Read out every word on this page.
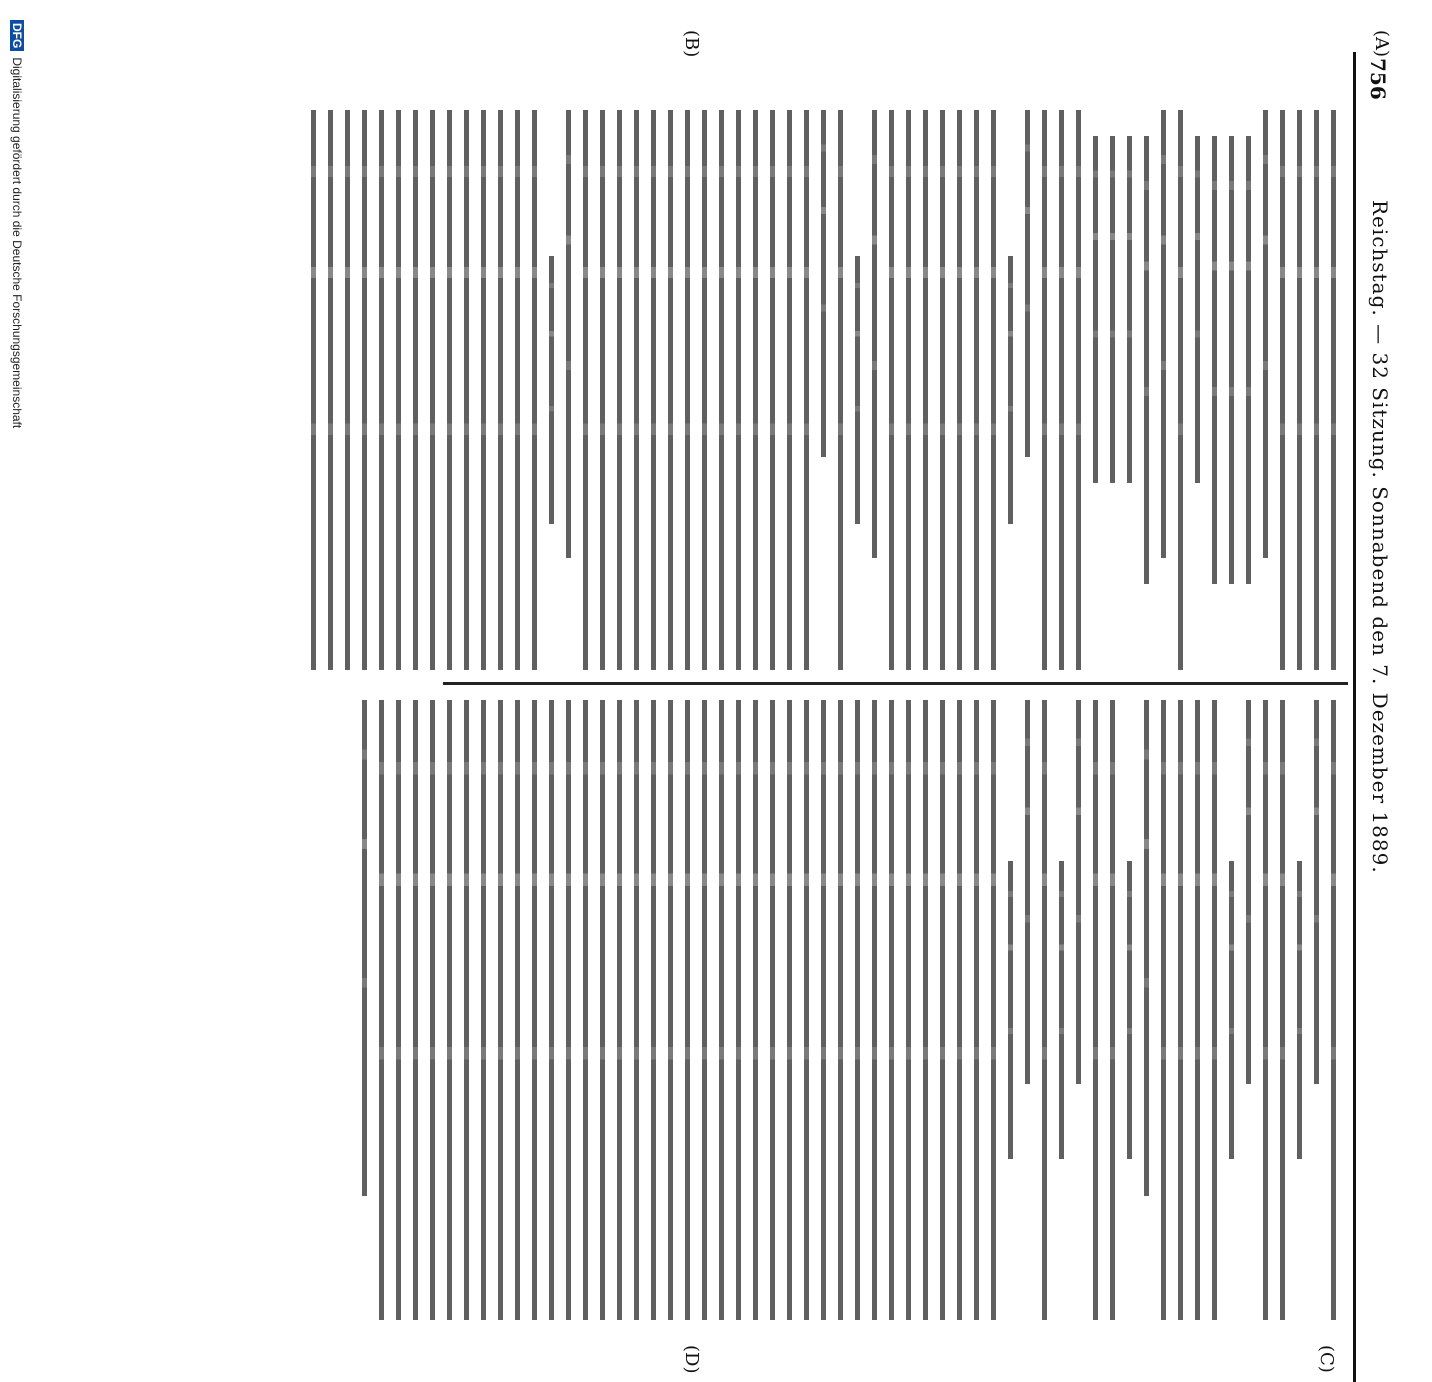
756
Reichstag. — 32 Sitzung. Sonnabend den 7. Dezember 1889.
(A)
(B)
(C)
(D)
DFGDigitalisierung gefördert durch die Deutsche Forschungsgemeinschaft
